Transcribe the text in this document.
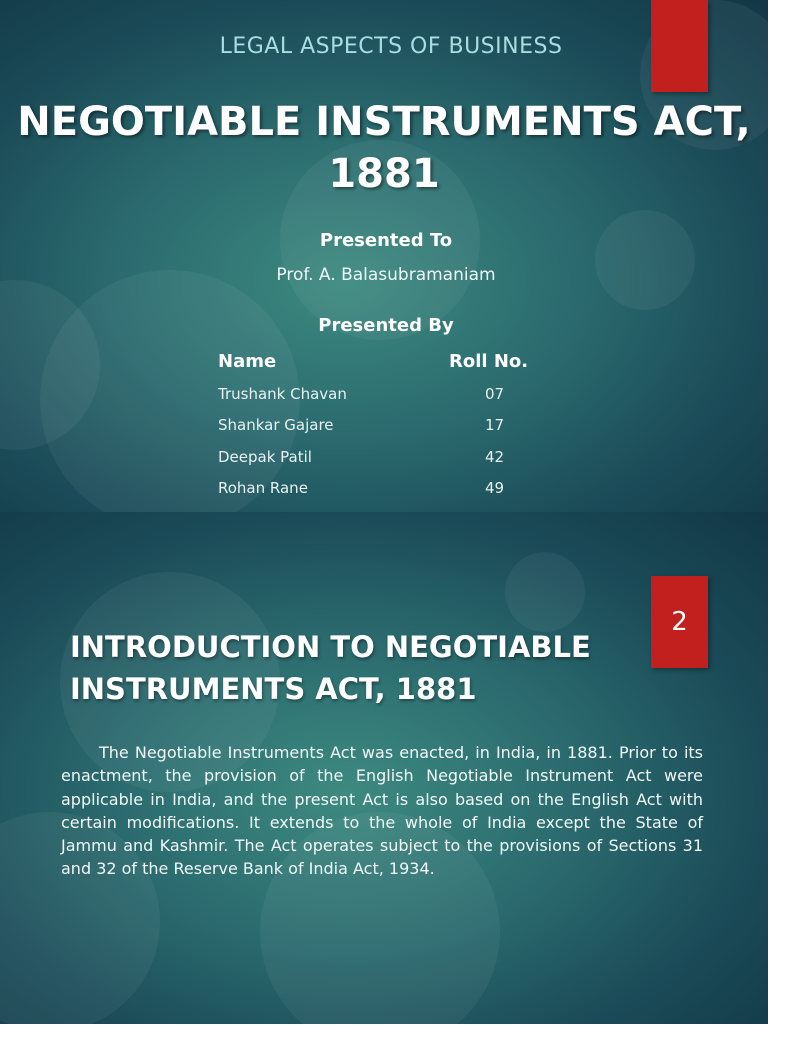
LEGAL ASPECTS OF BUSINESS
NEGOTIABLE INSTRUMENTS ACT, 1881
Presented To
Prof. A. Balasubramaniam
Presented By
Name	Roll No.
Trushank Chavan	07
Shankar Gajare	17
Deepak Patil	42
Rohan Rane	49
2
INTRODUCTION TO NEGOTIABLE INSTRUMENTS ACT, 1881
The Negotiable Instruments Act was enacted, in India, in 1881. Prior to its enactment, the provision of the English Negotiable Instrument Act were applicable in India, and the present Act is also based on the English Act with certain modifications. It extends to the whole of India except the State of Jammu and Kashmir. The Act operates subject to the provisions of Sections 31 and 32 of the Reserve Bank of India Act, 1934.
